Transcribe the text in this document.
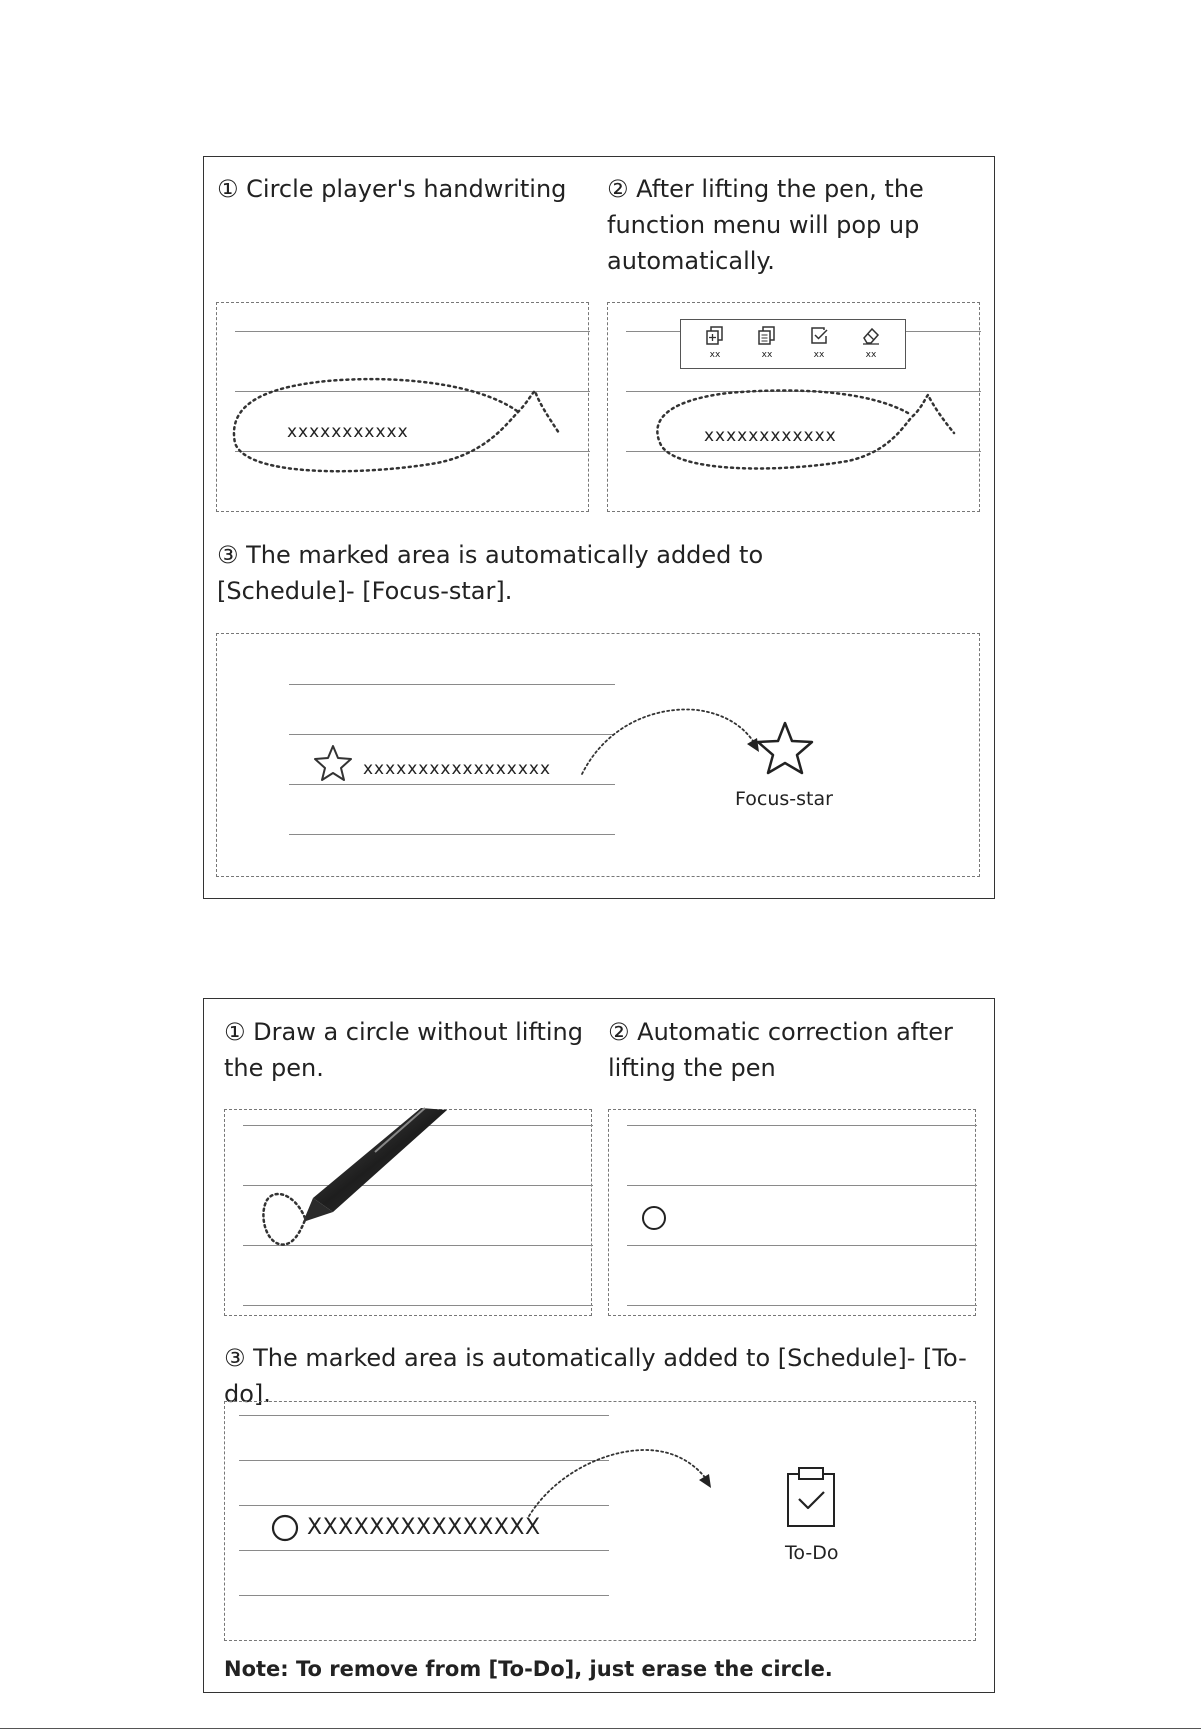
① Circle player's handwriting	② After lifting the pen, the function menu will pop up automatically.
xxxxxxxxxxx
xx	xx	xx	xx
xxxxxxxxxxxx
③ The marked area is automatically added to [Schedule]- [Focus-star].
xxxxxxxxxxxxxxxxx
Focus-star
① Draw a circle without lifting the pen.
② Automatic correction after lifting the pen
③ The marked area is automatically added to [Schedule]- [To-do].
XXXXXXXXXXXXXXX
To-Do
Note: To remove from [To-Do], just erase the circle.
